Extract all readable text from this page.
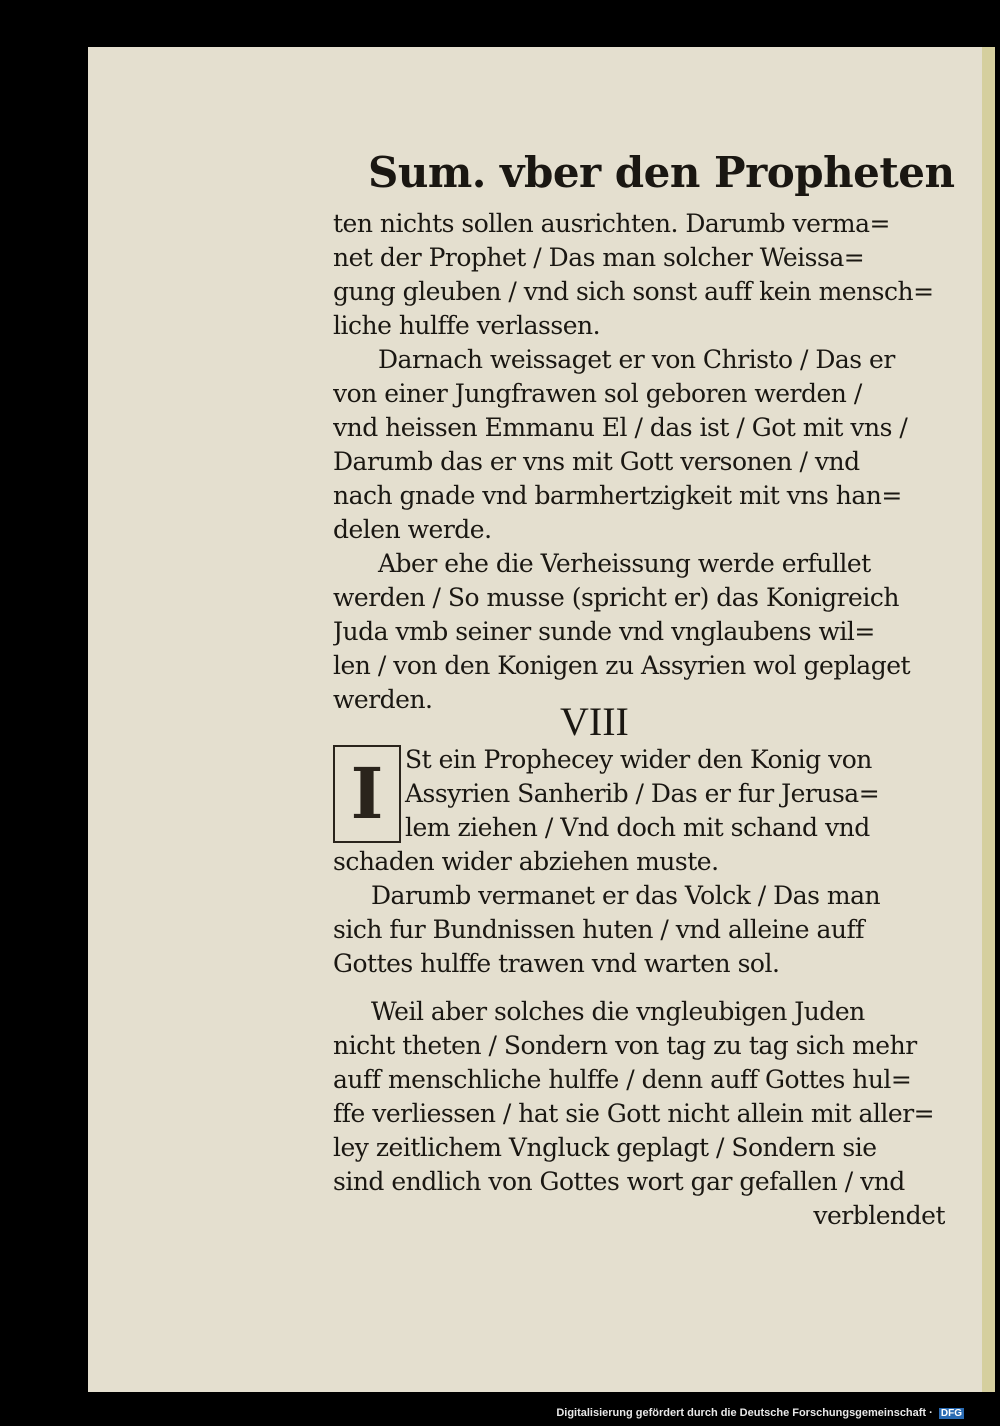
Sum. vber den Propheten
ten nichts sollen ausrichten. Darumb verma=
net der Prophet / Das man solcher Weissa=
gung gleuben / vnd sich sonst auff kein mensch=
liche hulffe verlassen.
Darnach weissaget er von Christo / Das er
von einer Jungfrawen sol geboren werden /
vnd heissen Emmanu El / das ist / Got mit vns /
Darumb das er vns mit Gott versonen / vnd
nach gnade vnd barmhertzigkeit mit vns han=
delen werde.
Aber ehe die Verheissung werde erfullet
werden / So musse (spricht er) das Konigreich
Juda vmb seiner sunde vnd vnglaubens wil=
len / von den Konigen zu Assyrien wol geplaget
werden.	VIII
I St ein Prophecey wider den Konig von
Assyrien Sanherib / Das er fur Jerusa=
lem ziehen / Vnd doch mit schand vnd
schaden wider abziehen muste.
Darumb vermanet er das Volck / Das man
sich fur Bundnissen huten / vnd alleine auff
Gottes hulffe trawen vnd warten sol.
Weil aber solches die vngleubigen Juden
nicht theten / Sondern von tag zu tag sich mehr
auff menschliche hulffe / denn auff Gottes hul=
ffe verliessen / hat sie Gott nicht allein mit aller=
ley zeitlichem Vngluck geplagt / Sondern sie
sind endlich von Gottes wort gar gefallen / vnd
verblendet
Digitalisierung gefördert durch die Deutsche Forschungsgemeinschaft · DFG
